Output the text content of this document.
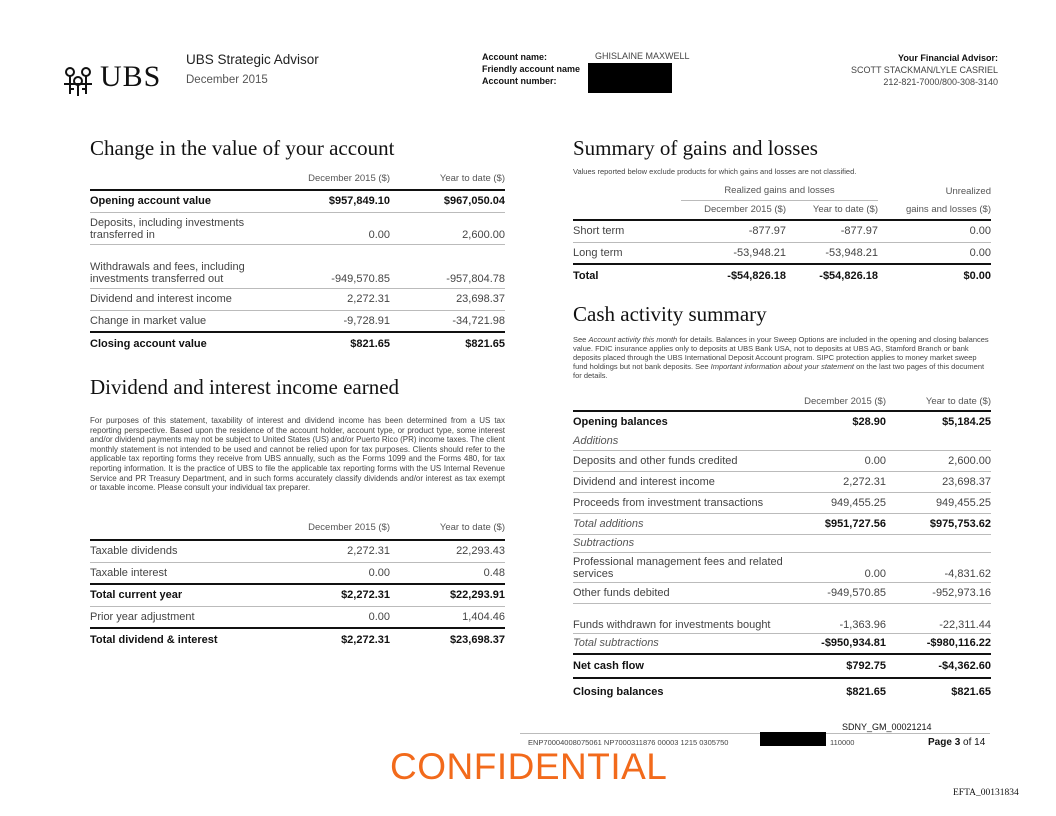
UBS
UBS Strategic Advisor
December 2015
Account name:
Friendly account name
Account number:
GHISLAINE MAXWELL	Your Financial Advisor:
SCOTT STACKMAN/LYLE CASRIEL
212-821-7000/800-308-3140
Change in the value of your account
	December 2015 ($)	Year to date ($)
Opening account value	$957,849.10	$967,050.04
Deposits, including investments transferred in	0.00	2,600.00
Withdrawals and fees, including investments transferred out	-949,570.85	-957,804.78
Dividend and interest income	2,272.31	23,698.37
Change in market value	-9,728.91	-34,721.98
Closing account value	$821.65	$821.65
Dividend and interest income earned
For purposes of this statement, taxability of interest and dividend income has been determined from a US tax reporting perspective. Based upon the residence of the account holder, account type, or product type, some interest and/or dividend payments may not be subject to United States (US) and/or Puerto Rico (PR) income taxes. The client monthly statement is not intended to be used and cannot be relied upon for tax purposes. Clients should refer to the applicable tax reporting forms they receive from UBS annually, such as the Forms 1099 and the Forms 480, for tax reporting information. It is the practice of UBS to file the applicable tax reporting forms with the US Internal Revenue Service and PR Treasury Department, and in such forms accurately classify dividends and/or interest as tax exempt or taxable income. Please consult your individual tax preparer.
	December 2015 ($)	Year to date ($)
Taxable dividends	2,272.31	22,293.43
Taxable interest	0.00	0.48
Total current year	$2,272.31	$22,293.91
Prior year adjustment	0.00	1,404.46
Total dividend & interest	$2,272.31	$23,698.37
Summary of gains and losses
Values reported below exclude products for which gains and losses are not classified.
	Realized gains and losses		Unrealized
	December 2015 ($)	Year to date ($)	gains and losses ($)
Short term	-877.97	-877.97	0.00
Long term	-53,948.21	-53,948.21	0.00
Total	-$54,826.18	-$54,826.18	$0.00
Cash activity summary
See Account activity this month for details. Balances in your Sweep Options are included in the opening and closing balances value. FDIC insurance applies only to deposits at UBS Bank USA, not to deposits at UBS AG, Stamford Branch or bank deposits placed through the UBS International Deposit Account program. SIPC protection applies to money market sweep fund holdings but not bank deposits. See Important information about your statement on the last two pages of this document for details.
	December 2015 ($)	Year to date ($)
Opening balances	$28.90	$5,184.25
Additions		
Deposits and other funds credited	0.00	2,600.00
Dividend and interest income	2,272.31	23,698.37
Proceeds from investment transactions	949,455.25	949,455.25
Total additions	$951,727.56	$975,753.62
Subtractions		
Professional management fees and related services	0.00	-4,831.62
Other funds debited	-949,570.85	-952,973.16
Funds withdrawn for investments bought	-1,363.96	-22,311.44
Total subtractions	-$950,934.81	-$980,116.22
Net cash flow	$792.75	-$4,362.60
Closing balances	$821.65	$821.65
SDNY_GM_00021214
ENP70004008075061 NP7000311876 00003 1215 0305750	110000	Page 3 of 14
CONFIDENTIAL
EFTA_00131834
